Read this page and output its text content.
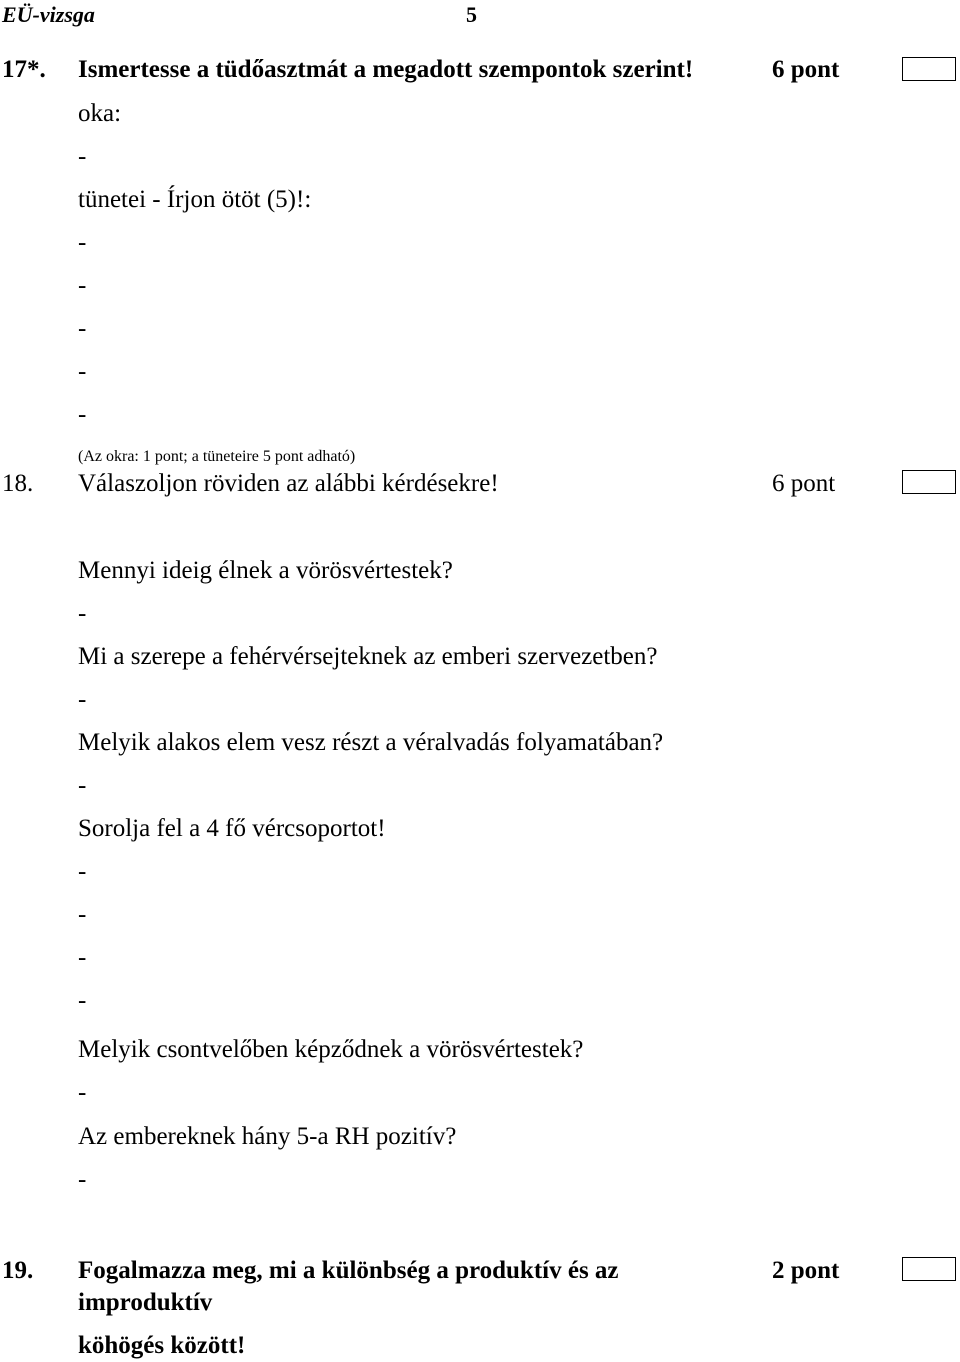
EÜ-vizsga	5
17*. Ismertesse a tüdőasztmát a megadott szempontok szerint!	6 pont
oka:
-
tünetei - Írjon ötöt (5)!:
-
-
-
-
-
(Az okra: 1 pont; a tüneteire 5 pont adható)
18. Válaszoljon röviden az alábbi kérdésekre!	6 pont
Mennyi ideig élnek a vörösvértestek?
-
Mi a szerepe a fehérvérsejteknek az emberi szervezetben?
-
Melyik alakos elem vesz részt a véralvadás folyamatában?
-
Sorolja fel a 4 fő vércsoportot!
-
-
-
-
Melyik csontvelőben képződnek a vörösvértestek?
-
Az embereknek hány 5-a RH pozitív?
-
19. Fogalmazza meg, mi a különbség a produktív és az	2 pont
improduktív
köhögés között!
